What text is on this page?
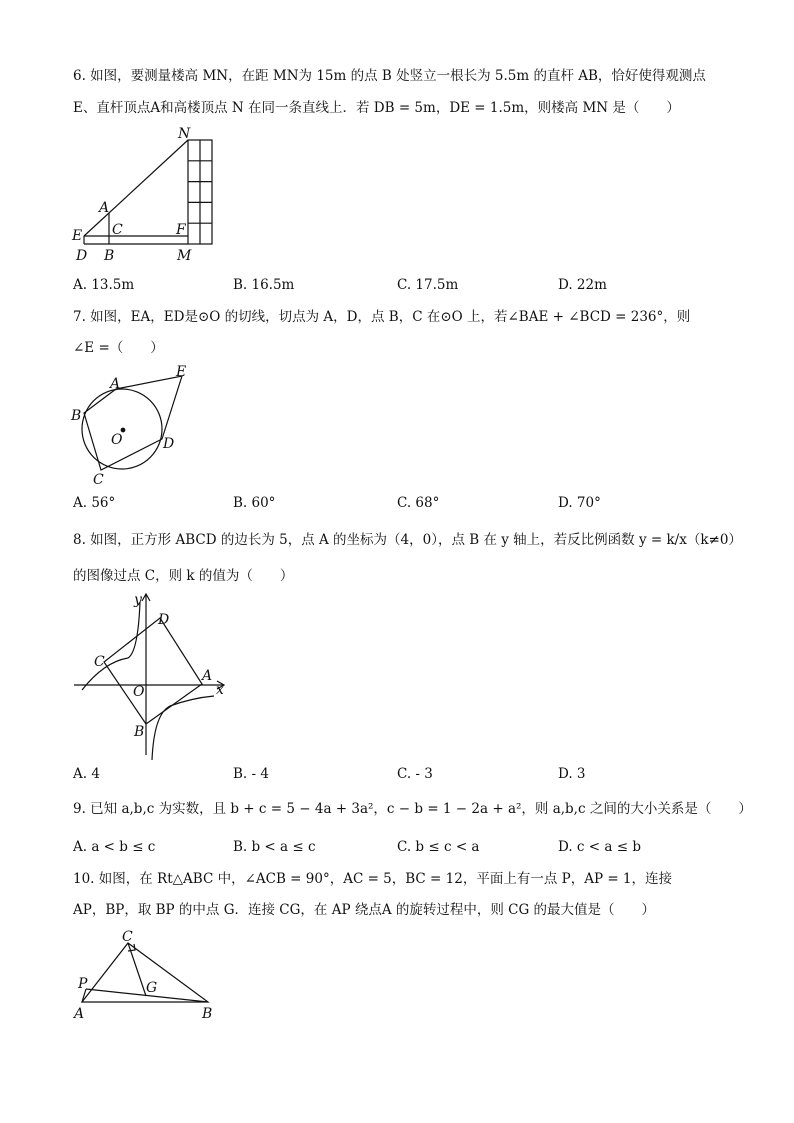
6. 如图，要测量楼高 MN，在距 MN为 15m 的点 B 处竖立一根长为 5.5m 的直杆 AB，恰好使得观测点
E、直杆顶点A和高楼顶点 N 在同一条直线上．若 DB = 5m，DE = 1.5m，则楼高 MN 是（　　）
N
A
C
E	F
D B	M
A. 13.5m	B. 16.5m	C. 17.5m	D. 22m
7. 如图，EA，ED是⊙O 的切线，切点为 A，D，点 B，C 在⊙O 上，若∠BAE + ∠BCD = 236°，则
∠E =（　　）
A
E
B
O	D
C
A. 56°	B. 60°	C. 68°	D. 70°
8. 如图，正方形 ABCD 的边长为 5，点 A 的坐标为（4，0），点 B 在 y 轴上，若反比例函数 y = k/x（k≠0）
的图像过点 C，则 k 的值为（　　）
y
D
C
A
x
O
B
A. 4	B. - 4	C. - 3	D. 3
9. 已知 a,b,c 为实数，且 b + c = 5 − 4a + 3a²，c − b = 1 − 2a + a²，则 a,b,c 之间的大小关系是（　　）
A. a < b ≤ c	B. b < a ≤ c	C. b ≤ c < a	D. c < a ≤ b
10. 如图，在 Rt△ABC 中，∠ACB = 90°，AC = 5，BC = 12，平面上有一点 P，AP = 1，连接
AP，BP，取 BP 的中点 G．连接 CG，在 AP 绕点A 的旋转过程中，则 CG 的最大值是（　　）
C
P	G
A	B
